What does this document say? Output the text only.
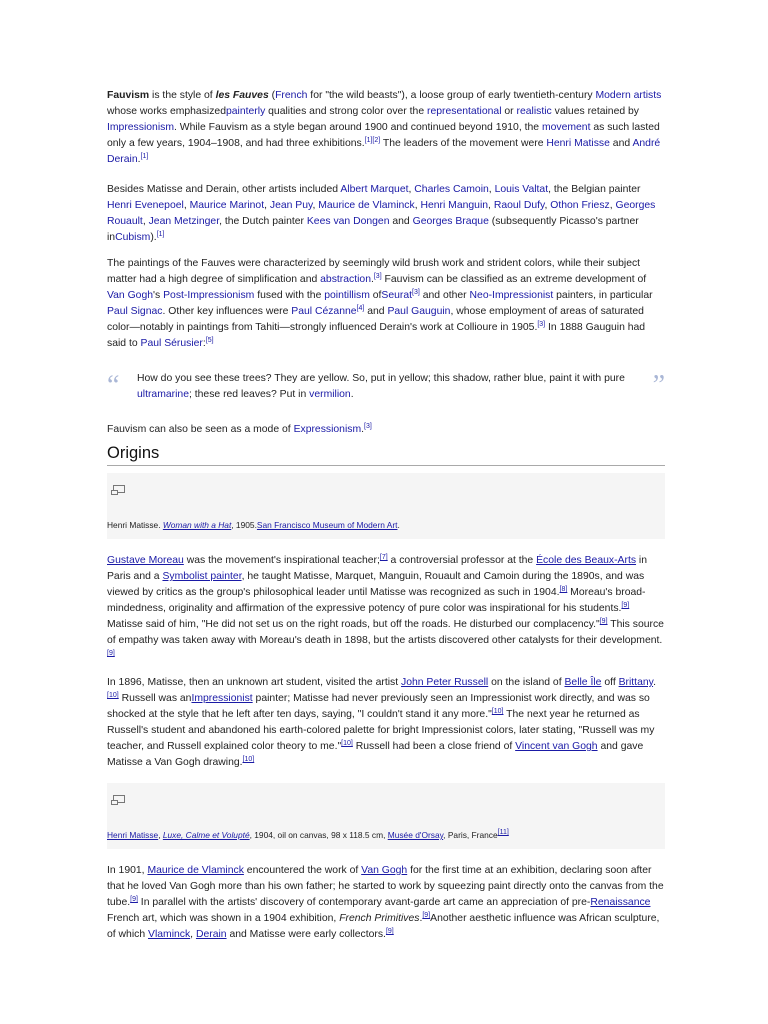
Fauvism is the style of les Fauves (French for "the wild beasts"), a loose group of early twentieth-century Modern artists whose works emphasizedpainterly qualities and strong color over the representational or realistic values retained by Impressionism. While Fauvism as a style began around 1900 and continued beyond 1910, the movement as such lasted only a few years, 1904–1908, and had three exhibitions.[1][2] The leaders of the movement were Henri Matisse and André Derain.[1]

Besides Matisse and Derain, other artists included Albert Marquet, Charles Camoin, Louis Valtat, the Belgian painter Henri Evenepoel, Maurice Marinot, Jean Puy, Maurice de Vlaminck, Henri Manguin, Raoul Dufy, Othon Friesz, Georges Rouault, Jean Metzinger, the Dutch painter Kees van Dongen and Georges Braque (subsequently Picasso's partner inCubism).[1]

The paintings of the Fauves were characterized by seemingly wild brush work and strident colors, while their subject matter had a high degree of simplification and abstraction.[3] Fauvism can be classified as an extreme development of Van Gogh's Post-Impressionism fused with the pointillism ofSeurat[3] and other Neo-Impressionist painters, in particular Paul Signac. Other key influences were Paul Cézanne[4] and Paul Gauguin, whose employment of areas of saturated color—notably in paintings from Tahiti—strongly influenced Derain's work at Collioure in 1905.[3] In 1888 Gauguin had said to Paul Sérusier:[5]

“ How do you see these trees? They are yellow. So, put in yellow; this shadow, rather blue, paint it with pure ultramarine; these red leaves? Put in vermilion.	”

Fauvism can also be seen as a mode of Expressionism.[3]

Origins
Henri Matisse. Woman with a Hat, 1905.San Francisco Museum of Modern Art.

Gustave Moreau was the movement's inspirational teacher;[7] a controversial professor at the École des Beaux-Arts in Paris and a Symbolist painter, he taught Matisse, Marquet, Manguin, Rouault and Camoin during the 1890s, and was viewed by critics as the group's philosophical leader until Matisse was recognized as such in 1904.[8] Moreau's broad-mindedness, originality and affirmation of the expressive potency of pure color was inspirational for his students.[9] Matisse said of him, "He did not set us on the right roads, but off the roads. He disturbed our complacency."[9] This source of empathy was taken away with Moreau's death in 1898, but the artists discovered other catalysts for their development.[9]

In 1896, Matisse, then an unknown art student, visited the artist John Peter Russell on the island of Belle Île off Brittany.[10] Russell was anImpressionist painter; Matisse had never previously seen an Impressionist work directly, and was so shocked at the style that he left after ten days, saying, "I couldn't stand it any more."[10] The next year he returned as Russell's student and abandoned his earth-colored palette for bright Impressionist colors, later stating, "Russell was my teacher, and Russell explained color theory to me."[10] Russell had been a close friend of Vincent van Gogh and gave Matisse a Van Gogh drawing.[10]

Henri Matisse, Luxe, Calme et Volupté, 1904, oil on canvas, 98 x 118.5 cm, Musée d'Orsay, Paris, France[11]

In 1901, Maurice de Vlaminck encountered the work of Van Gogh for the first time at an exhibition, declaring soon after that he loved Van Gogh more than his own father; he started to work by squeezing paint directly onto the canvas from the tube.[9] In parallel with the artists' discovery of contemporary avant-garde art came an appreciation of pre-Renaissance French art, which was shown in a 1904 exhibition, French Primitives.[9]Another aesthetic influence was African sculpture, of which Vlaminck, Derain and Matisse were early collectors.[9]
